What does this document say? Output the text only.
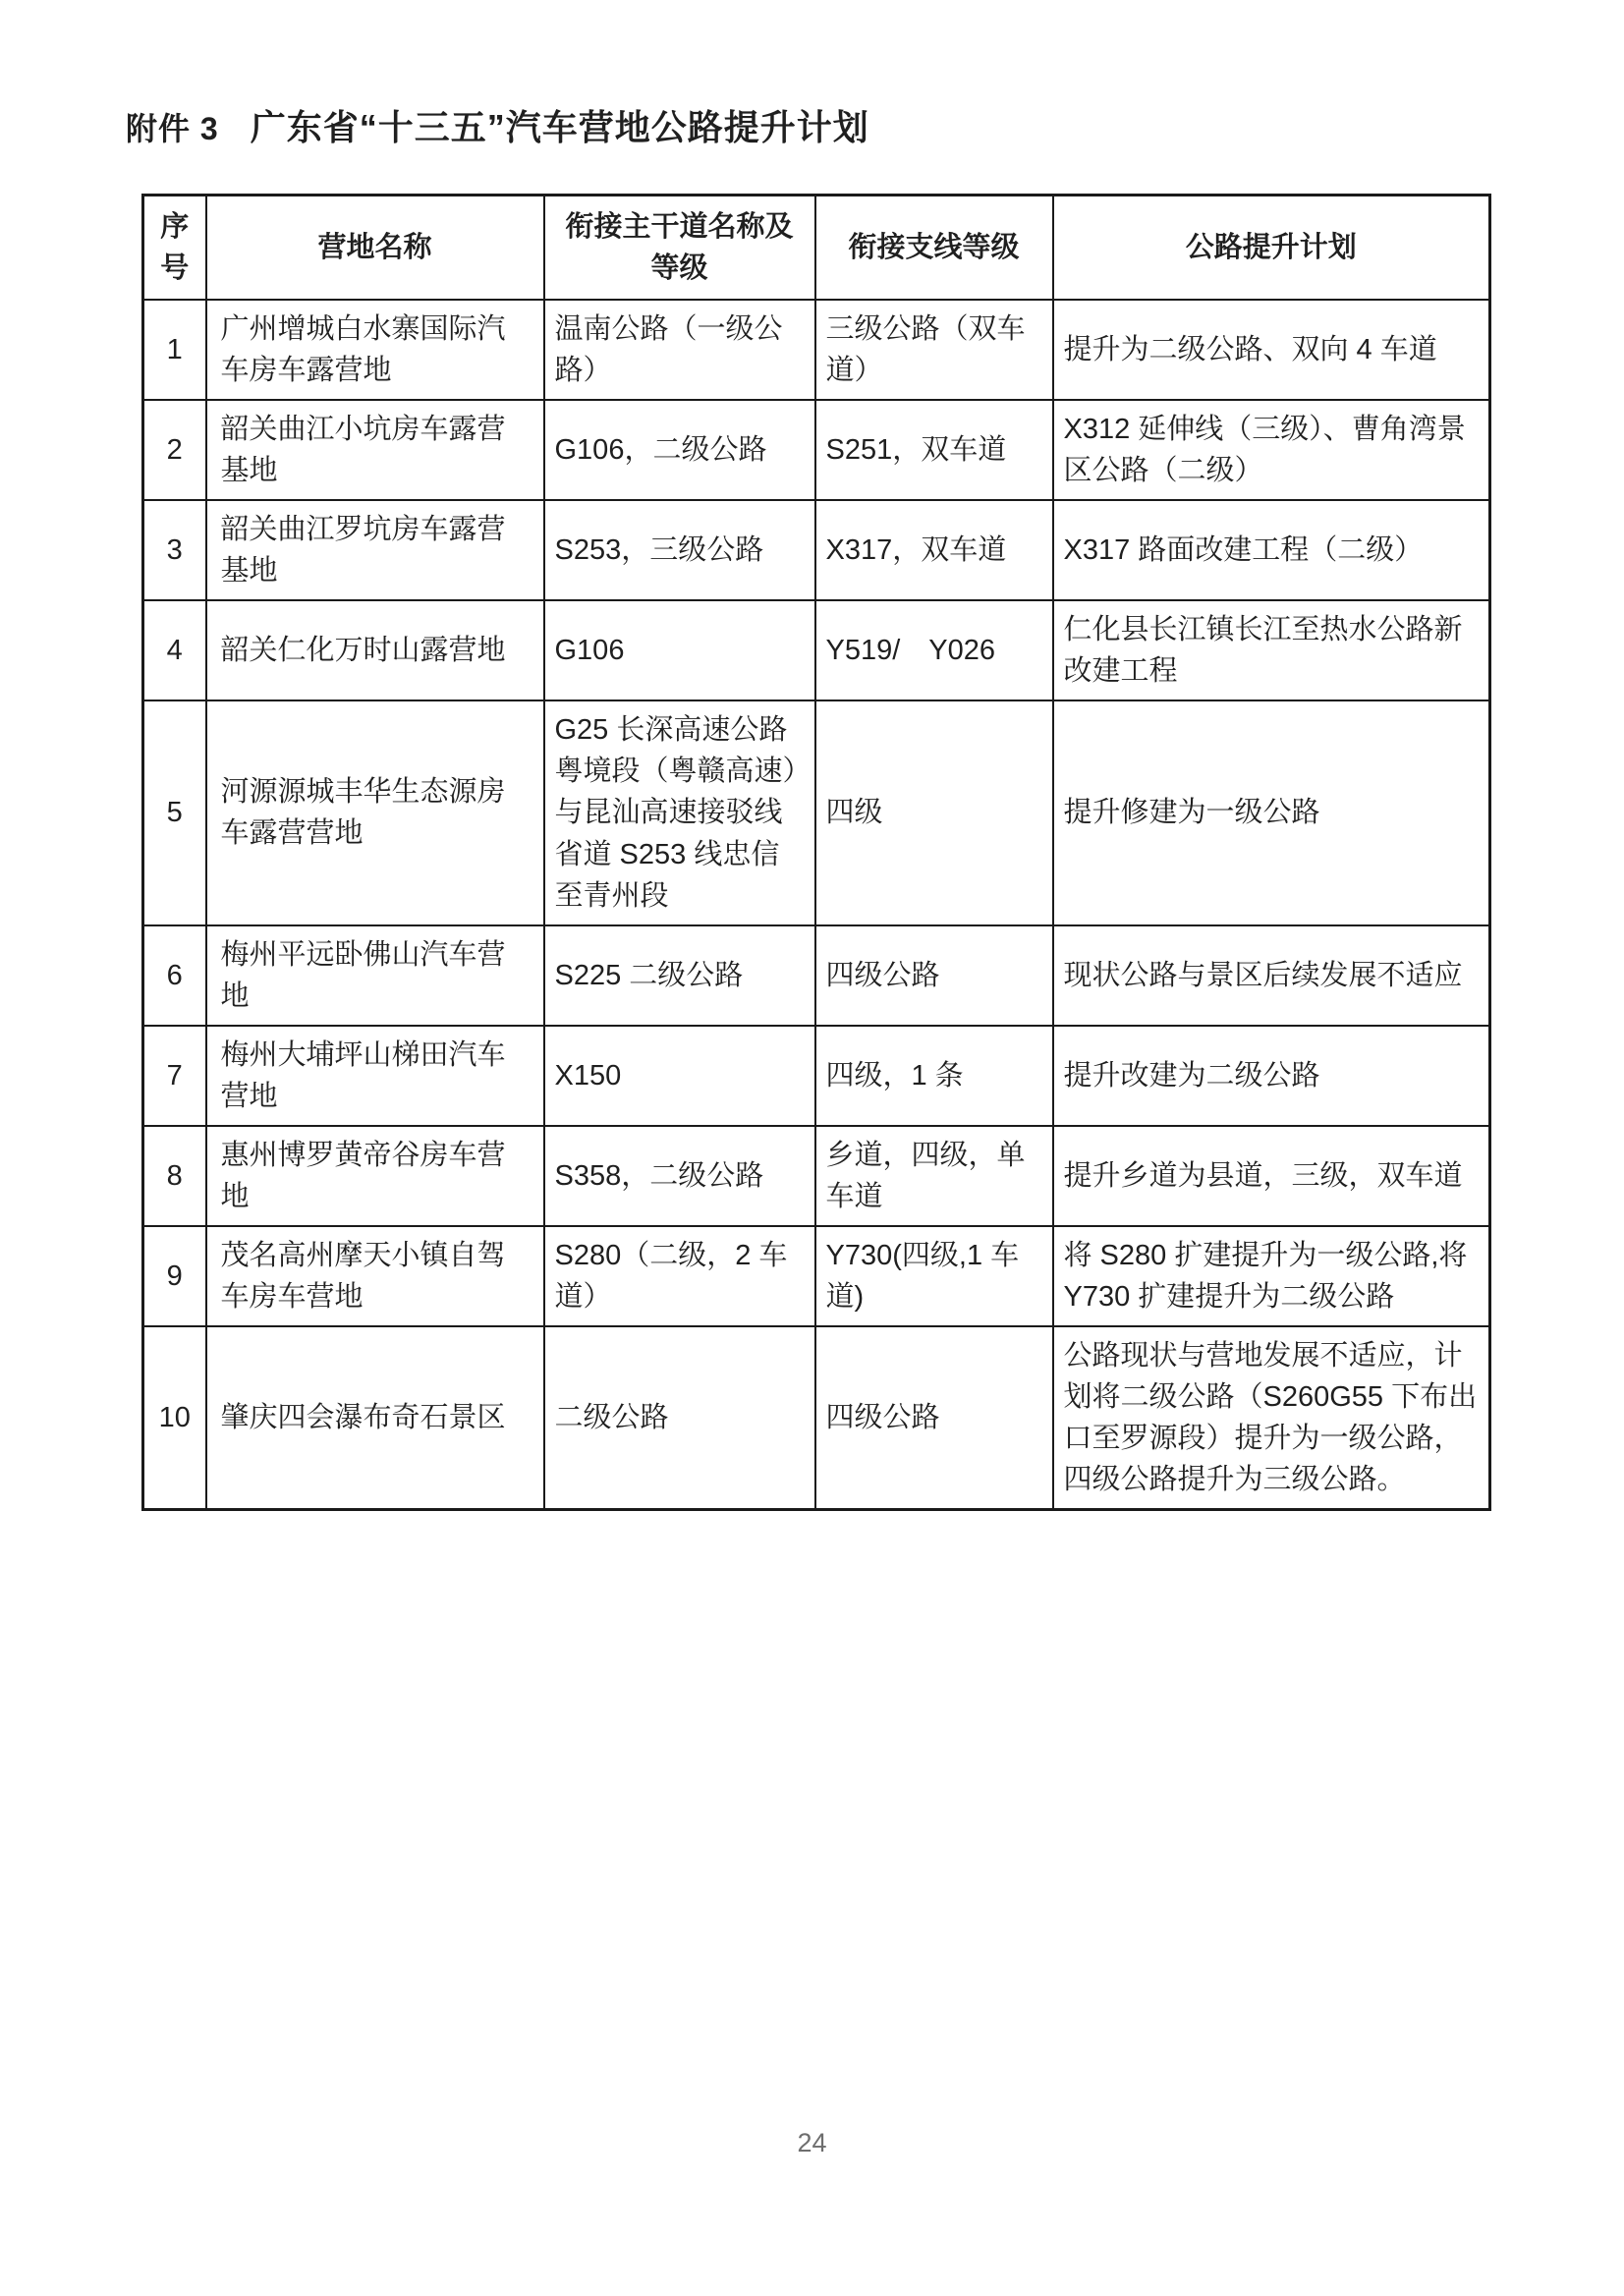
附件 3 广东省“十三五”汽车营地公路提升计划
序号	营地名称	衔接主干道名称及等级	衔接支线等级	公路提升计划
1	广州增城白水寨国际汽车房车露营地	温南公路（一级公路）	三级公路（双车道）	提升为二级公路、双向 4 车道
2	韶关曲江小坑房车露营基地	G106，二级公路	S251，双车道	X312 延伸线（三级）、曹角湾景区公路（二级）
3	韶关曲江罗坑房车露营基地	S253，三级公路	X317，双车道	X317 路面改建工程（二级）
4	韶关仁化万时山露营地	G106	Y519/　Y026	仁化县长江镇长江至热水公路新改建工程
5	河源源城丰华生态源房车露营营地	G25 长深高速公路粤境段（粤赣高速）与昆汕高速接驳线省道 S253 线忠信至青州段	四级	提升修建为一级公路
6	梅州平远卧佛山汽车营地	S225 二级公路	四级公路	现状公路与景区后续发展不适应
7	梅州大埔坪山梯田汽车营地	X150	四级，1 条	提升改建为二级公路
8	惠州博罗黄帝谷房车营地	S358，二级公路	乡道，四级，单车道	提升乡道为县道，三级，双车道
9	茂名高州摩天小镇自驾车房车营地	S280（二级，2 车道）	Y730(四级,1 车道)	将 S280 扩建提升为一级公路,将 Y730 扩建提升为二级公路
10	肇庆四会瀑布奇石景区	二级公路	四级公路	公路现状与营地发展不适应，计划将二级公路（S260G55 下布出口至罗源段）提升为一级公路，四级公路提升为三级公路。
24
